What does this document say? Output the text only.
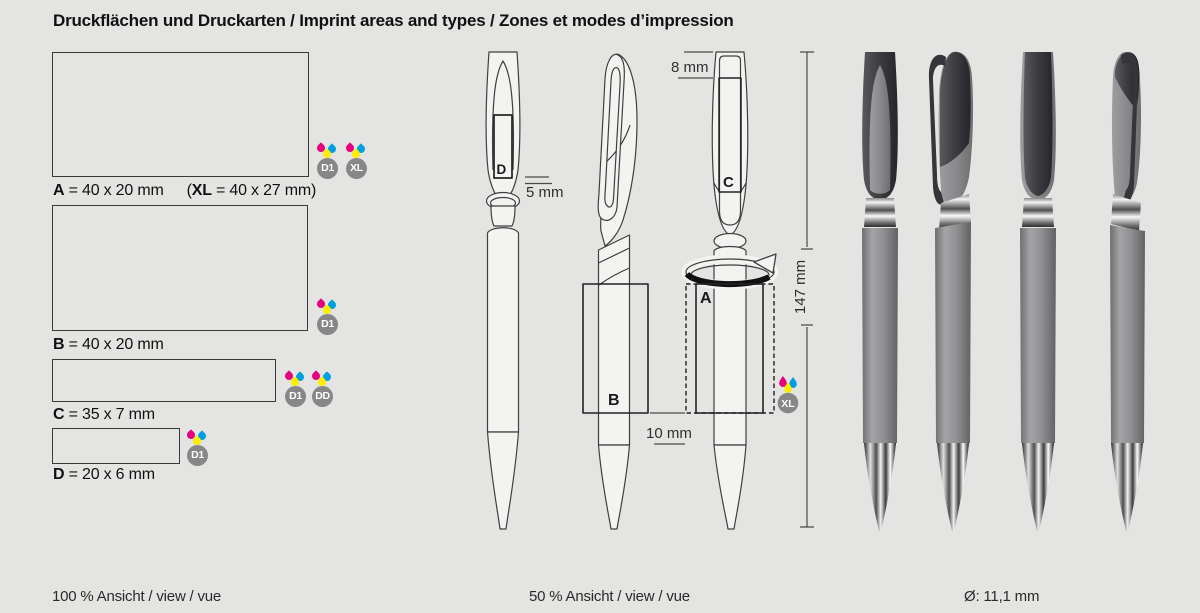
Druckflächen und Druckarten / Imprint areas and types / Zones et modes d’impression
A = 40 x 20 mm (XL = 40 x 27 mm)
B = 40 x 20 mm
C = 35 x 7 mm
D = 20 x 6 mm
D1	XL
D1
D1	DD
D1
D
C
B
A
5 mm
8 mm
10 mm
147 mm
XL
100 % Ansicht / view / vue	50 % Ansicht / view / vue	Ø: 11,1 mm
